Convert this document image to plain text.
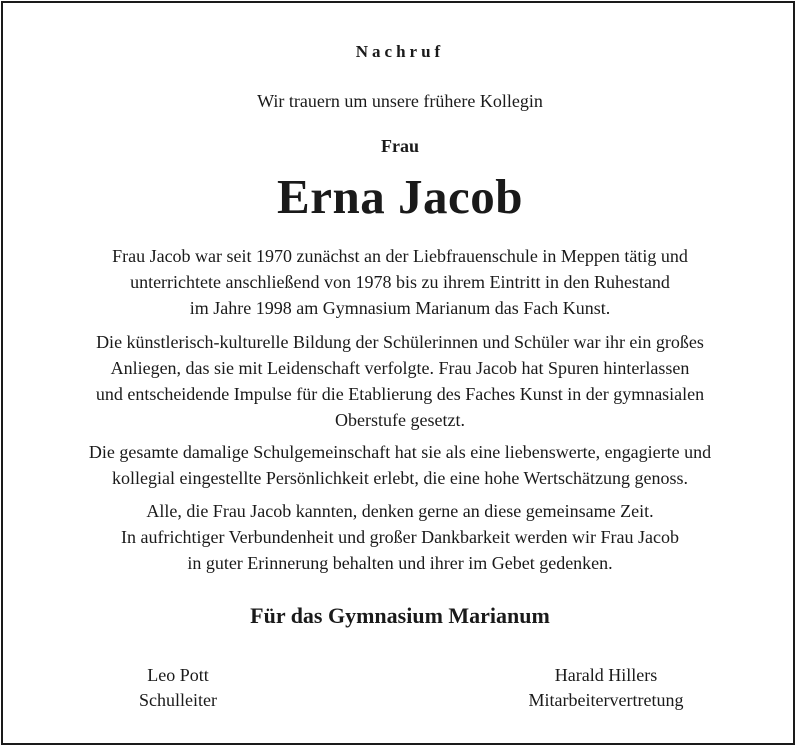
Nachruf
Wir trauern um unsere frühere Kollegin
Frau
Erna Jacob
Frau Jacob war seit 1970 zunächst an der Liebfrauenschule in Meppen tätig und
unterrichtete anschließend von 1978 bis zu ihrem Eintritt in den Ruhestand
im Jahre 1998 am Gymnasium Marianum das Fach Kunst.
Die künstlerisch-kulturelle Bildung der Schülerinnen und Schüler war ihr ein großes
Anliegen, das sie mit Leidenschaft verfolgte. Frau Jacob hat Spuren hinterlassen
und entscheidende Impulse für die Etablierung des Faches Kunst in der gymnasialen
Oberstufe gesetzt.
Die gesamte damalige Schulgemeinschaft hat sie als eine liebenswerte, engagierte und
kollegial eingestellte Persönlichkeit erlebt, die eine hohe Wertschätzung genoss.
Alle, die Frau Jacob kannten, denken gerne an diese gemeinsame Zeit.
In aufrichtiger Verbundenheit und großer Dankbarkeit werden wir Frau Jacob
in guter Erinnerung behalten und ihrer im Gebet gedenken.
Für das Gymnasium Marianum
Leo Pott
Schulleiter
Harald Hillers
Mitarbeitervertretung
